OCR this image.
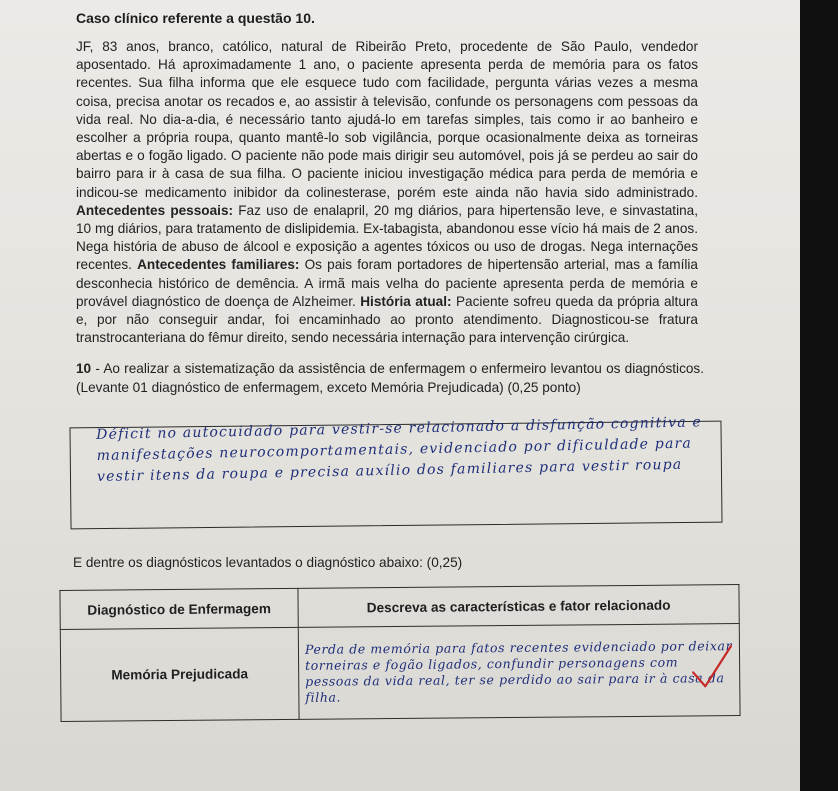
Caso clínico referente a questão 10.
JF, 83 anos, branco, católico, natural de Ribeirão Preto, procedente de São Paulo, vendedor aposentado. Há aproximadamente 1 ano, o paciente apresenta perda de memória para os fatos recentes. Sua filha informa que ele esquece tudo com facilidade, pergunta várias vezes a mesma coisa, precisa anotar os recados e, ao assistir à televisão, confunde os personagens com pessoas da vida real. No dia-a-dia, é necessário tanto ajudá-lo em tarefas simples, tais como ir ao banheiro e escolher a própria roupa, quanto mantê-lo sob vigilância, porque ocasionalmente deixa as torneiras abertas e o fogão ligado. O paciente não pode mais dirigir seu automóvel, pois já se perdeu ao sair do bairro para ir à casa de sua filha. O paciente iniciou investigação médica para perda de memória e indicou-se medicamento inibidor da colinesterase, porém este ainda não havia sido administrado. Antecedentes pessoais: Faz uso de enalapril, 20 mg diários, para hipertensão leve, e sinvastatina, 10 mg diários, para tratamento de dislipidemia. Ex-tabagista, abandonou esse vício há mais de 2 anos. Nega história de abuso de álcool e exposição a agentes tóxicos ou uso de drogas. Nega internações recentes. Antecedentes familiares: Os pais foram portadores de hipertensão arterial, mas a família desconhecia histórico de demência. A irmã mais velha do paciente apresenta perda de memória e provável diagnóstico de doença de Alzheimer. História atual: Paciente sofreu queda da própria altura e, por não conseguir andar, foi encaminhado ao pronto atendimento. Diagnosticou-se fratura transtrocanteriana do fêmur direito, sendo necessária internação para intervenção cirúrgica.
10 - Ao realizar a sistematização da assistência de enfermagem o enfermeiro levantou os diagnósticos. (Levante 01 diagnóstico de enfermagem, exceto Memória Prejudicada) (0,25 ponto)
Déficit no autocuidado para vestir-se relacionado a disfunção cognitiva e manifestações neurocomportamentais, evidenciado por dificuldade para vestir itens da roupa e precisa auxílio dos familiares para vestir roupa
E dentre os diagnósticos levantados o diagnóstico abaixo: (0,25)
Diagnóstico de Enfermagem	Descreva as características e fator relacionado
Memória Prejudicada	Perda de memória para fatos recentes evidenciado por deixar torneiras e fogão ligados, confundir personagens com pessoas da vida real, ter se perdido ao sair para ir à casa da filha.
